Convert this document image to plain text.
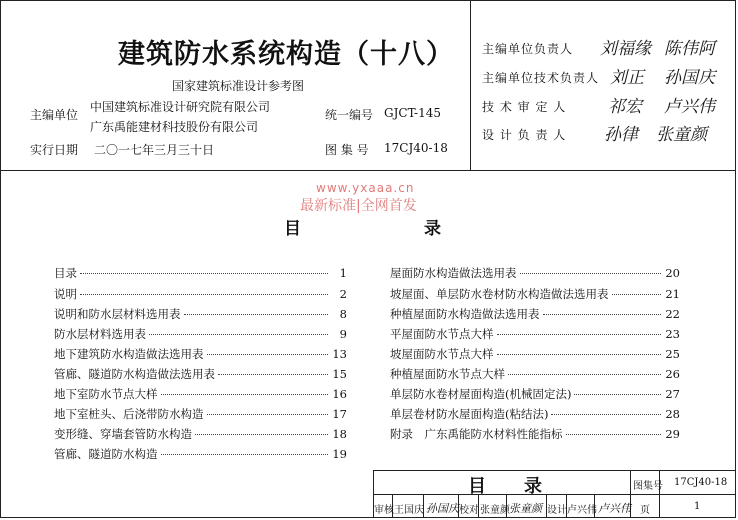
建筑防水系统构造（十八）
国家建筑标准设计参考图
主编单位
中国建筑标准设计研究院有限公司
广东禹能建材科技股份有限公司
统一编号 GJCT-145
实行日期 二〇一七年三月三十日	图 集 号 17CJ40-18
主编单位负责人 刘福缘 陈伟阿
主编单位技术负责人 刘正 孙国庆
技 术 审 定 人 祁宏 卢兴伟
设 计 负 责 人 孙律 张童颜
www.yxaaa.cn
最新标准|全网首发
目	录
目录	1
说明	2
说明和防水层材料选用表	8
防水层材料选用表	9
地下建筑防水构造做法选用表	13
管廊、隧道防水构造做法选用表	15
地下室防水节点大样	16
地下室桩头、后浇带防水构造	17
变形缝、穿墙套管防水构造	18
管廊、隧道防水构造	19
屋面防水构造做法选用表	20
坡屋面、单层防水卷材防水构造做法选用表	21
种植屋面防水构造做法选用表	22
平屋面防水节点大样	23
坡屋面防水节点大样	25
种植屋面防水节点大样	26
单层防水卷材屋面构造(机械固定法)	27
单层卷材防水屋面构造(粘结法)	28
附录　广东禹能防水材料性能指标	29
目　录	图集号 17CJ40-18
审核 王国庆 孙国庆 校对 张童颜 张童颜 设计 卢兴伟 卢兴伟 页	1
